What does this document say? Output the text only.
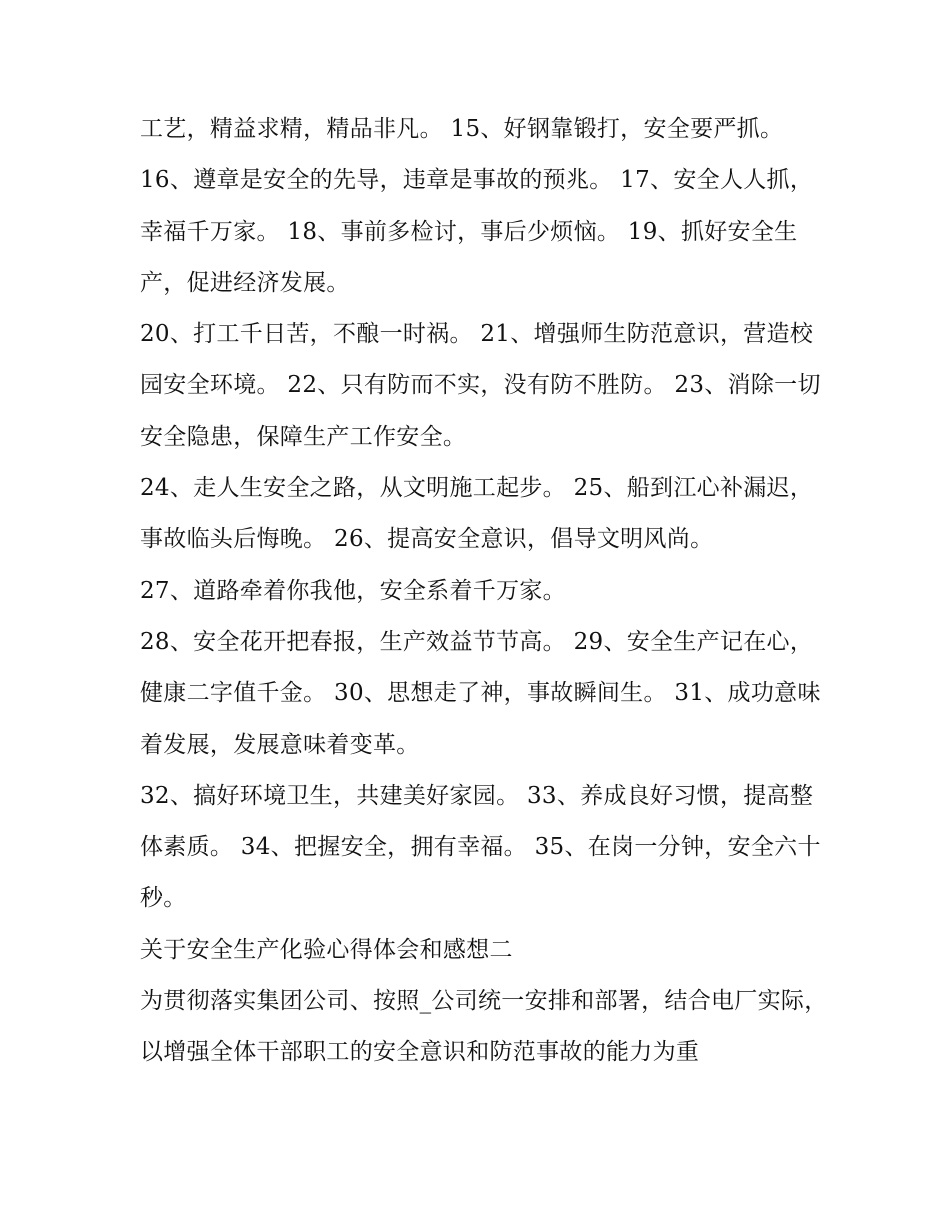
工艺，精益求精，精品非凡。 15、好钢靠锻打，安全要严抓。

16、遵章是安全的先导，违章是事故的预兆。 17、安全人人抓，幸福千万家。 18、事前多检讨，事后少烦恼。 19、抓好安全生产，促进经济发展。

20、打工千日苦，不酿一时祸。 21、增强师生防范意识，营造校园安全环境。 22、只有防而不实，没有防不胜防。 23、消除一切安全隐患，保障生产工作安全。

24、走人生安全之路，从文明施工起步。 25、船到江心补漏迟，事故临头后悔晚。 26、提高安全意识，倡导文明风尚。

27、道路牵着你我他，安全系着千万家。

28、安全花开把春报，生产效益节节高。 29、安全生产记在心，健康二字值千金。 30、思想走了神，事故瞬间生。 31、成功意味着发展，发展意味着变革。

32、搞好环境卫生，共建美好家园。 33、养成良好习惯，提高整体素质。 34、把握安全，拥有幸福。 35、在岗一分钟，安全六十秒。

关于安全生产化验心得体会和感想二

为贯彻落实集团公司、按照_公司统一安排和部署，结合电厂实际，以增强全体干部职工的安全意识和防范事故的能力为重
